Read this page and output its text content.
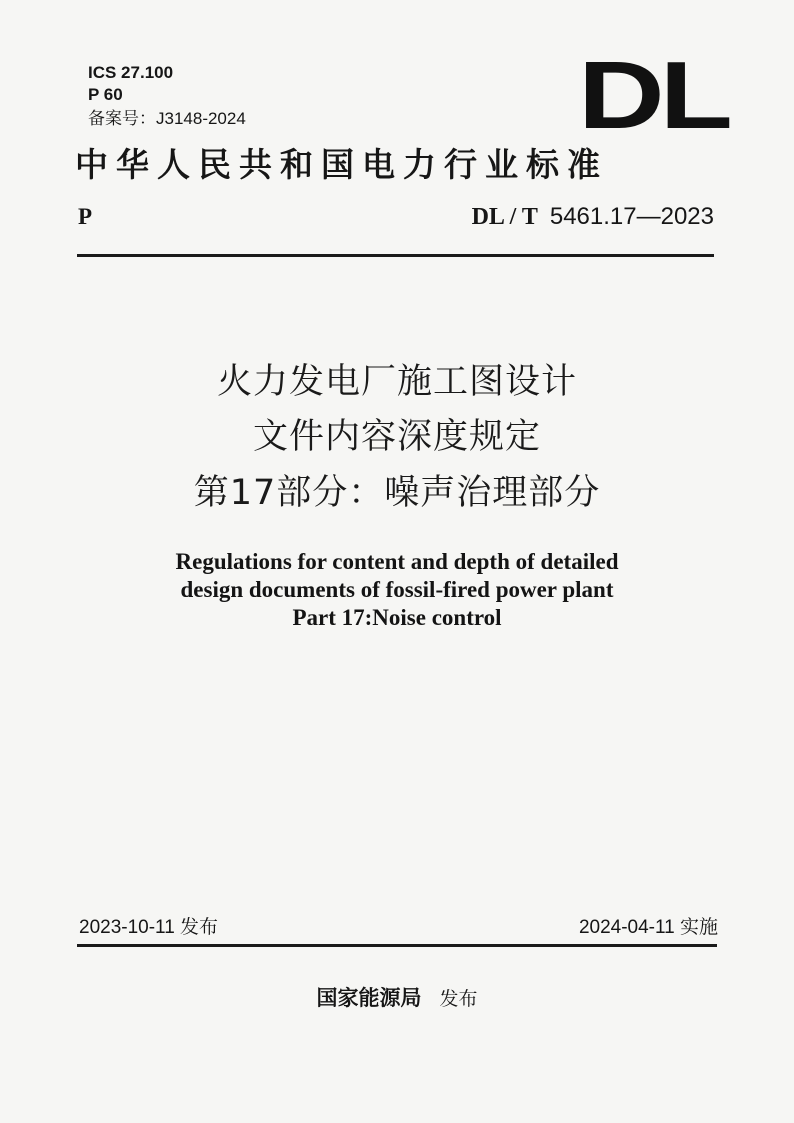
ICS 27.100
P 60
备案号：J3148-2024	DL
中华人民共和国电力行业标准
P	DL / T 5461.17—2023
火力发电厂施工图设计
文件内容深度规定
第17部分：噪声治理部分
Regulations for content and depth of detailed
design documents of fossil-fired power plant
Part 17:Noise control
2023-10-11 发布	2024-04-11 实施
国家能源局 发布
